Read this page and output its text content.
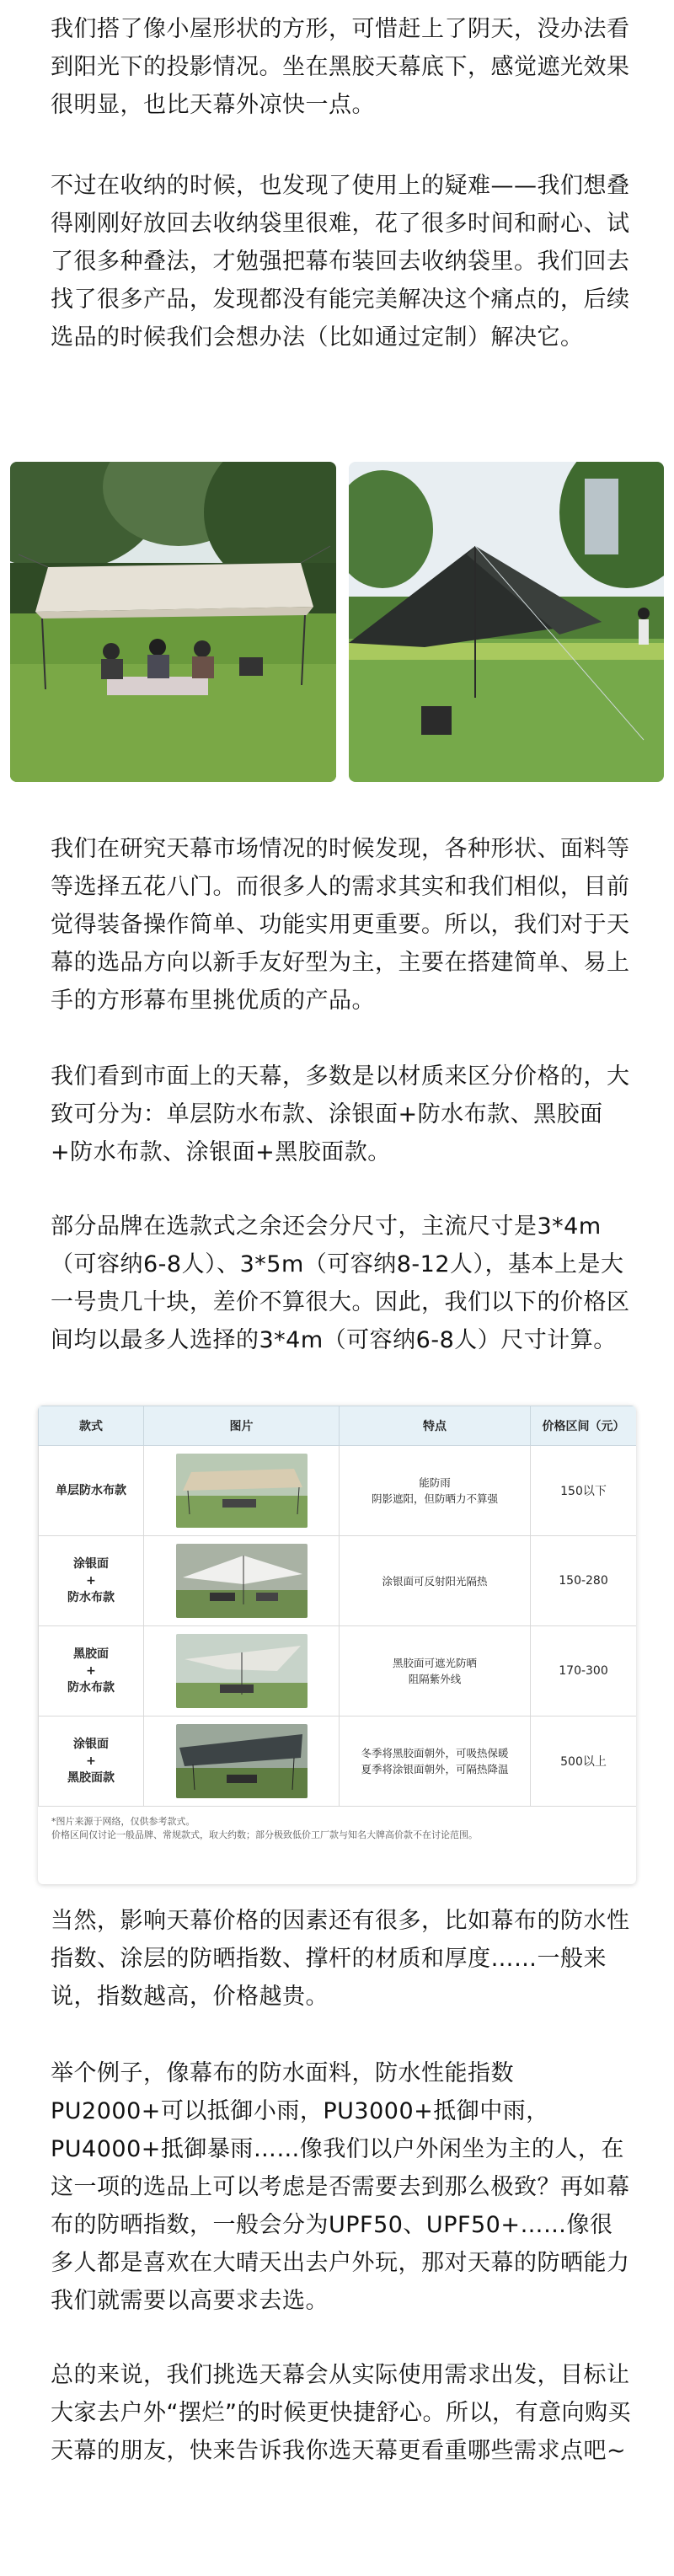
我们搭了像小屋形状的方形，可惜赶上了阴天，没办法看到阳光下的投影情况。坐在黑胶天幕底下，感觉遮光效果很明显，也比天幕外凉快一点。

不过在收纳的时候，也发现了使用上的疑难——我们想叠得刚刚好放回去收纳袋里很难，花了很多时间和耐心、试了很多种叠法，才勉强把幕布装回去收纳袋里。我们回去找了很多产品，发现都没有能完美解决这个痛点的，后续选品的时候我们会想办法（比如通过定制）解决它。

我们在研究天幕市场情况的时候发现，各种形状、面料等等选择五花八门。而很多人的需求其实和我们相似，目前觉得装备操作简单、功能实用更重要。所以，我们对于天幕的选品方向以新手友好型为主，主要在搭建简单、易上手的方形幕布里挑优质的产品。

我们看到市面上的天幕，多数是以材质来区分价格的，大致可分为：单层防水布款、涂银面+防水布款、黑胶面+防水布款、涂银面+黑胶面款。

部分品牌在选款式之余还会分尺寸，主流尺寸是3*4m（可容纳6-8人）、3*5m（可容纳8-12人），基本上是大一号贵几十块，差价不算很大。因此，我们以下的价格区间均以最多人选择的3*4m（可容纳6-8人）尺寸计算。

款式	图片	特点	价格区间（元）

单层防水布款		能防雨
阴影遮阳，但防晒力不算强	150以下

涂银面
+
防水布款		涂银面可反射阳光隔热	150-280

黑胶面
+
防水布款		黑胶面可遮光防晒
阻隔紫外线	170-300

涂银面
+
黑胶面款		冬季将黑胶面朝外，可吸热保暖
夏季将涂银面朝外，可隔热降温	500以上
*图片来源于网络，仅供参考款式。
价格区间仅讨论一般品牌、常规款式，取大约数；部分极致低价工厂款与知名大牌高价款不在讨论范围。

当然，影响天幕价格的因素还有很多，比如幕布的防水性指数、涂层的防晒指数、撑杆的材质和厚度……一般来说，指数越高，价格越贵。

举个例子，像幕布的防水面料，防水性能指数PU2000+可以抵御小雨，PU3000+抵御中雨，PU4000+抵御暴雨……像我们以户外闲坐为主的人，在这一项的选品上可以考虑是否需要去到那么极致？再如幕布的防晒指数，一般会分为UPF50、UPF50+……像很多人都是喜欢在大晴天出去户外玩，那对天幕的防晒能力我们就需要以高要求去选。

总的来说，我们挑选天幕会从实际使用需求出发，目标让大家去户外“摆烂”的时候更快捷舒心。所以，有意向购买天幕的朋友，快来告诉我你选天幕更看重哪些需求点吧~
